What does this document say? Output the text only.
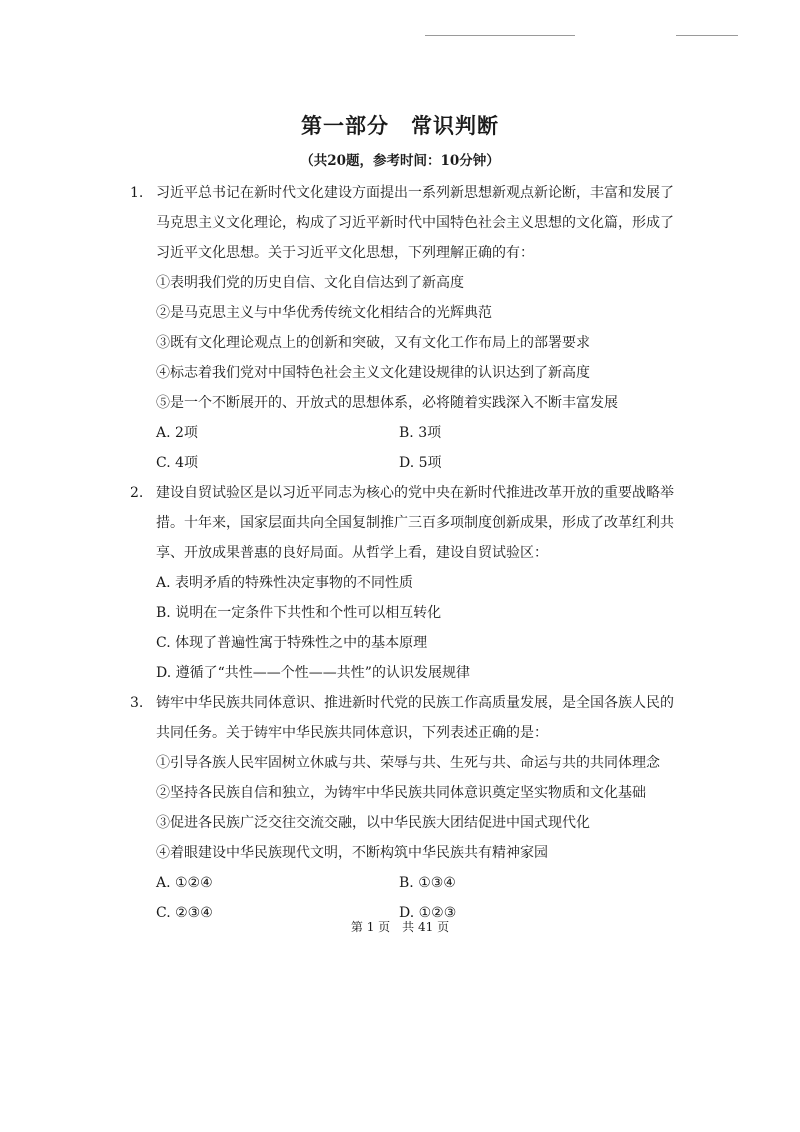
第一部分　常识判断
（共20题，参考时间：10分钟）

1. 习近平总书记在新时代文化建设方面提出一系列新思想新观点新论断，丰富和发展了马克思主义文化理论，构成了习近平新时代中国特色社会主义思想的文化篇，形成了习近平文化思想。关于习近平文化思想，下列理解正确的有：

①表明我们党的历史自信、文化自信达到了新高度

②是马克思主义与中华优秀传统文化相结合的光辉典范

③既有文化理论观点上的创新和突破，又有文化工作布局上的部署要求

④标志着我们党对中国特色社会主义文化建设规律的认识达到了新高度

⑤是一个不断展开的、开放式的思想体系，必将随着实践深入不断丰富发展

A. 2项	B. 3项
C. 4项	D. 5项

2. 建设自贸试验区是以习近平同志为核心的党中央在新时代推进改革开放的重要战略举措。十年来，国家层面共向全国复制推广三百多项制度创新成果，形成了改革红利共享、开放成果普惠的良好局面。从哲学上看，建设自贸试验区：

A. 表明矛盾的特殊性决定事物的不同性质
B. 说明在一定条件下共性和个性可以相互转化
C. 体现了普遍性寓于特殊性之中的基本原理
D. 遵循了“共性——个性——共性”的认识发展规律

3. 铸牢中华民族共同体意识、推进新时代党的民族工作高质量发展，是全国各族人民的共同任务。关于铸牢中华民族共同体意识，下列表述正确的是：

①引导各族人民牢固树立休戚与共、荣辱与共、生死与共、命运与共的共同体理念

②坚持各民族自信和独立，为铸牢中华民族共同体意识奠定坚实物质和文化基础

③促进各民族广泛交往交流交融，以中华民族大团结促进中国式现代化

④着眼建设中华民族现代文明，不断构筑中华民族共有精神家园

A. ①②④	B. ①③④
C. ②③④	D. ①②③
第 1 页　共 41 页
